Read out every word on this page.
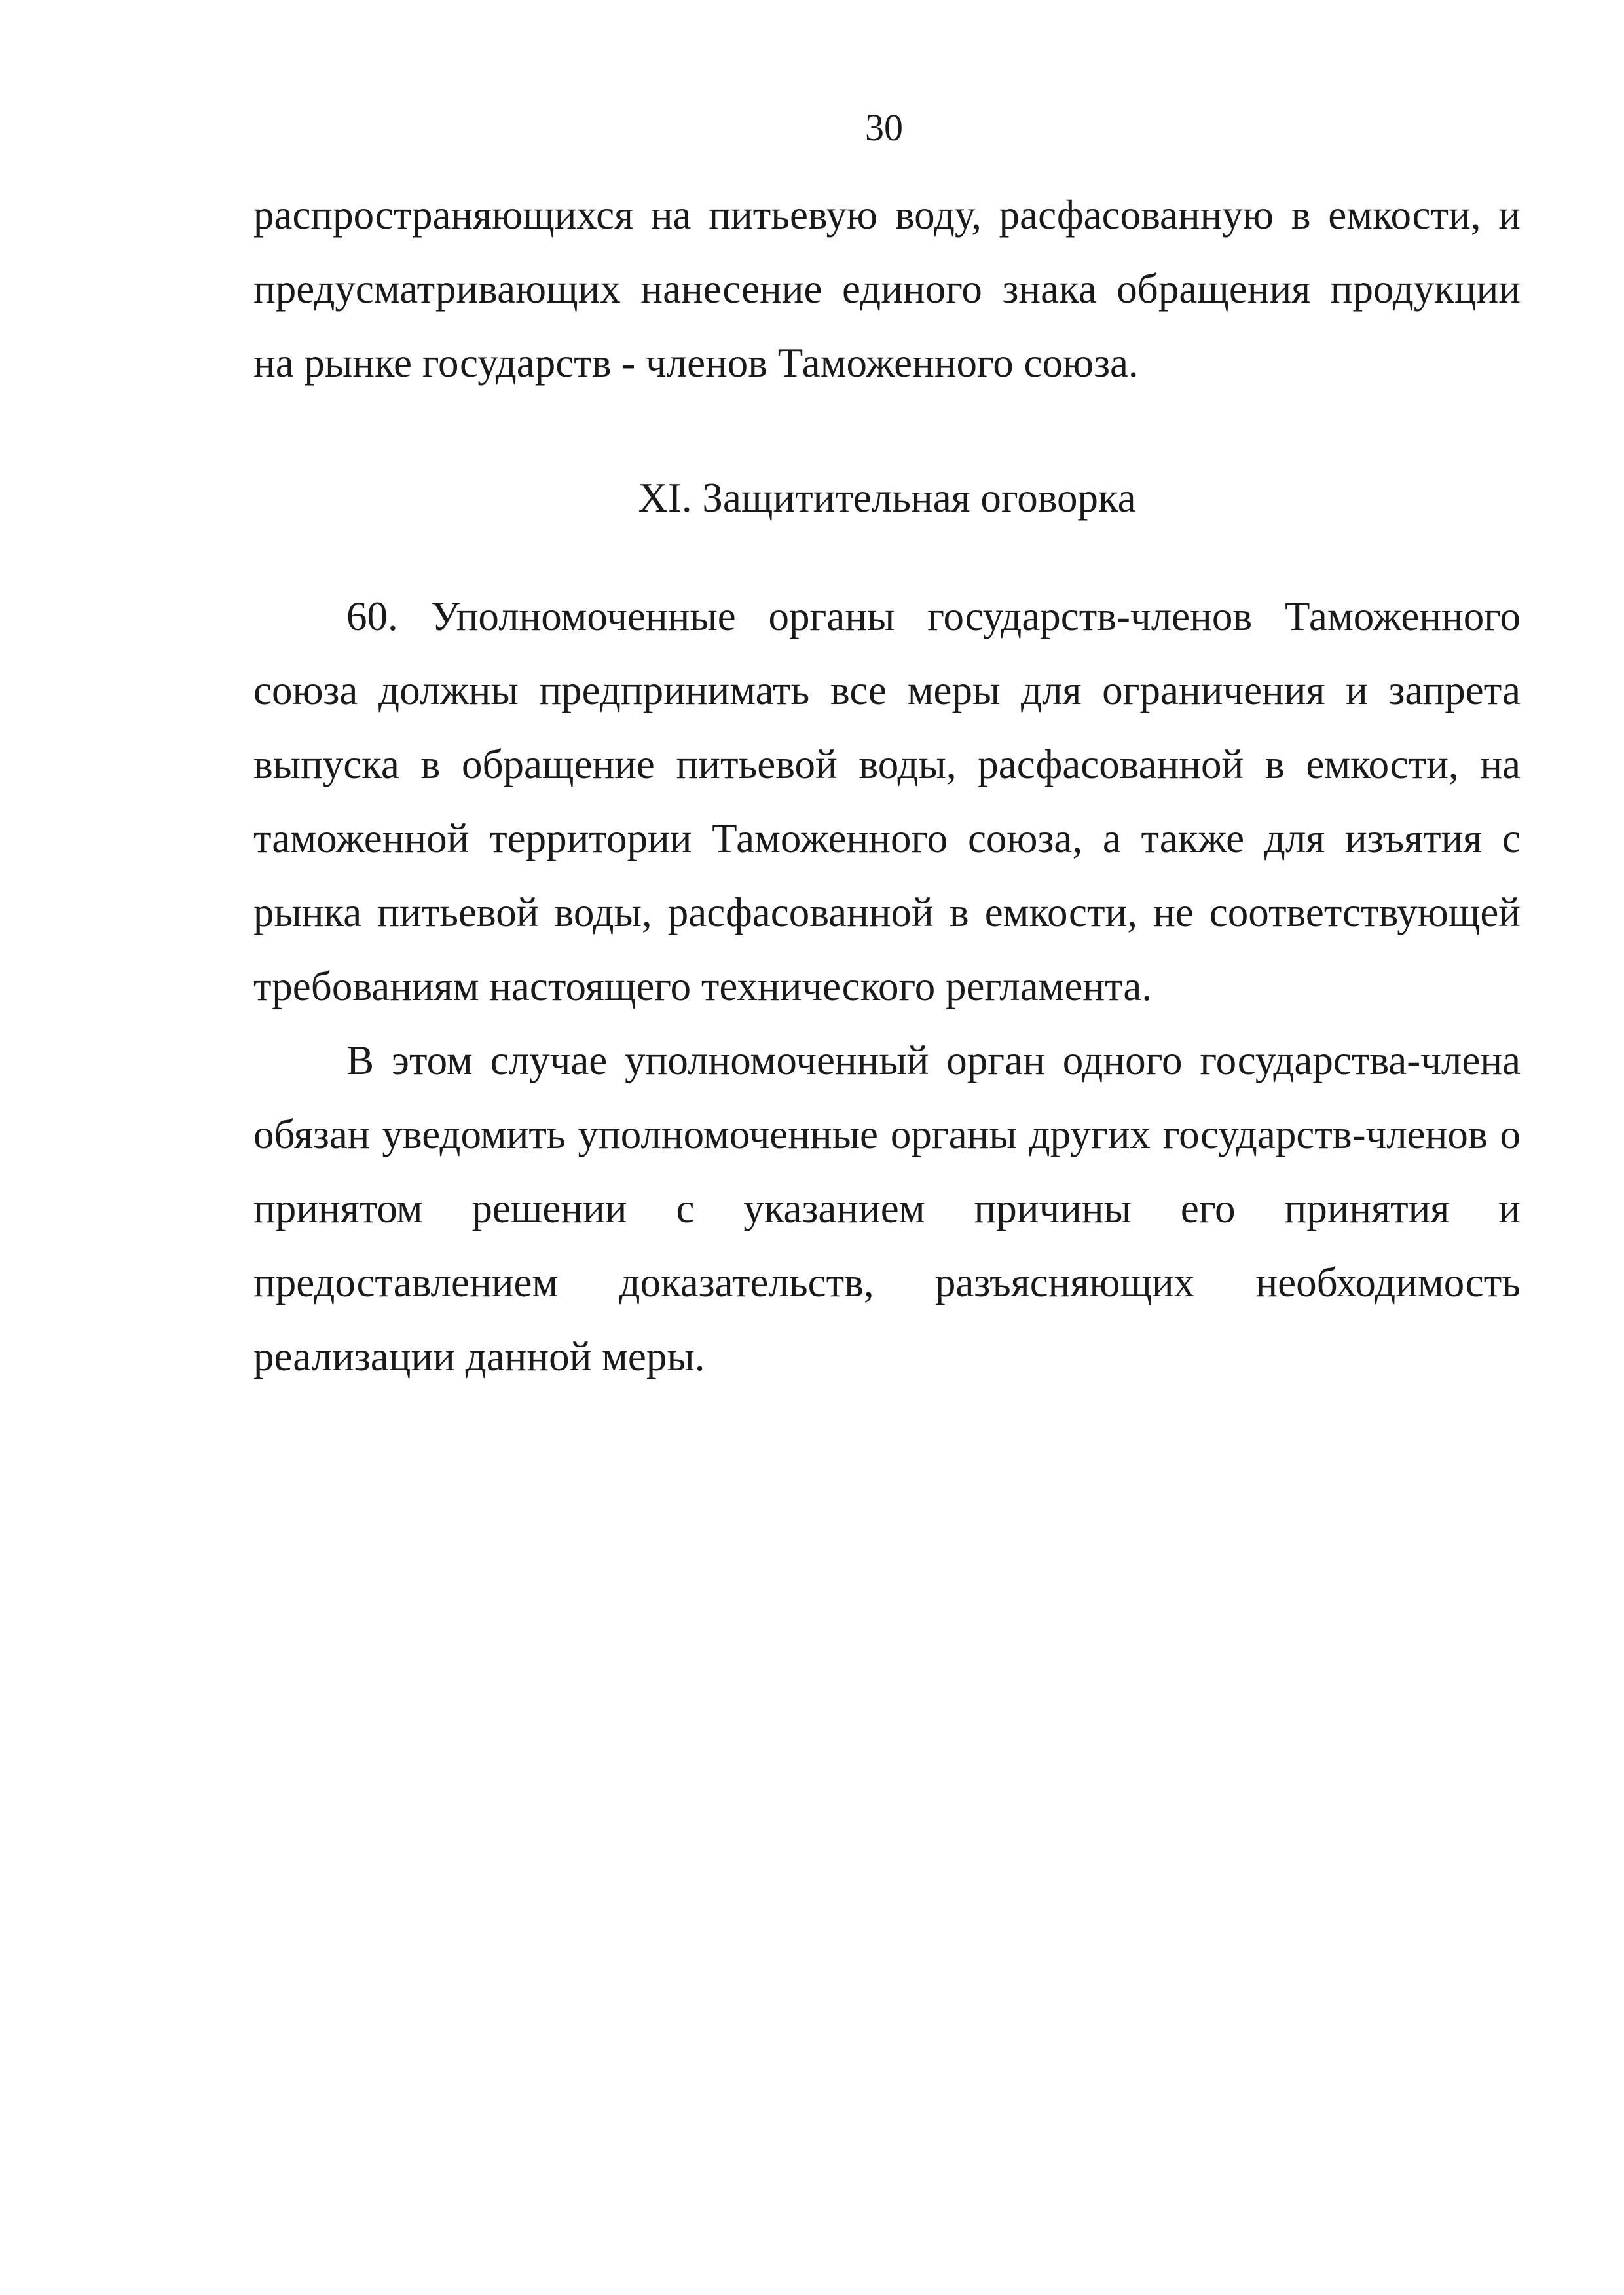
30

распространяющихся на питьевую воду, расфасованную в емкости, и предусматривающих нанесение единого знака обращения продукции на рынке государств - членов Таможенного союза.

XI. Защитительная оговорка

60. Уполномоченные органы государств-членов Таможенного союза должны предпринимать все меры для ограничения и запрета выпуска в обращение питьевой воды, расфасованной в емкости, на таможенной территории Таможенного союза, а также для изъятия с рынка питьевой воды, расфасованной в емкости, не соответствующей требованиям настоящего технического регламента.

В этом случае уполномоченный орган одного государства-члена обязан уведомить уполномоченные органы других государств-членов о принятом решении с указанием причины его принятия и предоставлением доказательств, разъясняющих необходимость реализации данной меры.
